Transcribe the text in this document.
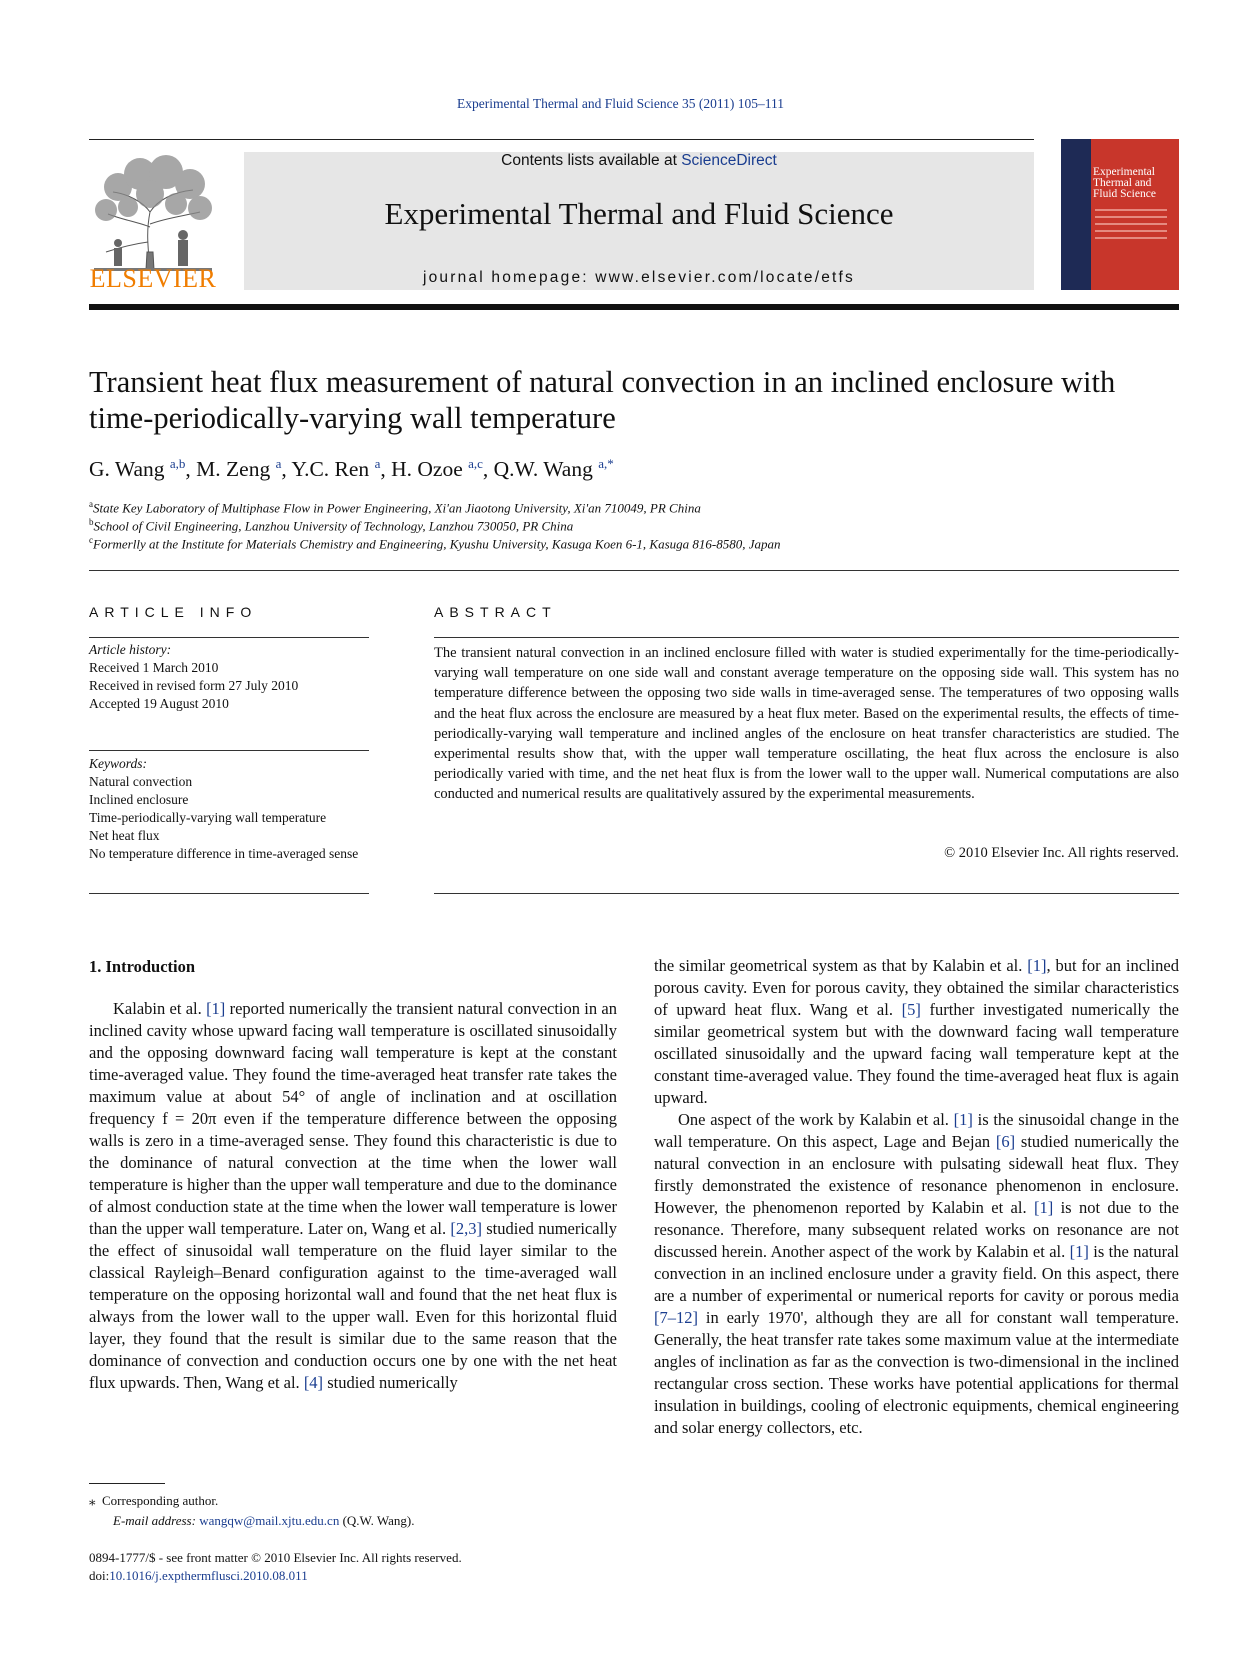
Experimental Thermal and Fluid Science 35 (2011) 105–111
ELSEVIER
Contents lists available at ScienceDirect
Experimental Thermal and Fluid Science
journal homepage: www.elsevier.com/locate/etfs
Experimental Thermal and Fluid Science
Transient heat flux measurement of natural convection in an inclined enclosure with time-periodically-varying wall temperature
G. Wang $^{a,b}$, M. Zeng $^a$, Y.C. Ren $^a$, H. Ozoe $^{a,c}$, Q.W. Wang $^{a,*}$
$^a$State Key Laboratory of Multiphase Flow in Power Engineering, Xi'an Jiaotong University, Xi'an 710049, PR China
$^b$School of Civil Engineering, Lanzhou University of Technology, Lanzhou 730050, PR China
$^c$Formerlly at the Institute for Materials Chemistry and Engineering, Kyushu University, Kasuga Koen 6-1, Kasuga 816-8580, Japan
ARTICLE INFO
Article history:
Received 1 March 2010
Received in revised form 27 July 2010
Accepted 19 August 2010
Keywords:
Natural convection
Inclined enclosure
Time-periodically-varying wall temperature
Net heat flux
No temperature difference in time-averaged sense
ABSTRACT
The transient natural convection in an inclined enclosure filled with water is studied experimentally for the time-periodically-varying wall temperature on one side wall and constant average temperature on the opposing side wall. This system has no temperature difference between the opposing two side walls in time-averaged sense. The temperatures of two opposing walls and the heat flux across the enclosure are measured by a heat flux meter. Based on the experimental results, the effects of time-periodically-varying wall temperature and inclined angles of the enclosure on heat transfer characteristics are studied. The experimental results show that, with the upper wall temperature oscillating, the heat flux across the enclosure is also periodically varied with time, and the net heat flux is from the lower wall to the upper wall. Numerical computations are also conducted and numerical results are qualitatively assured by the experimental measurements.
© 2010 Elsevier Inc. All rights reserved.
1. Introduction

Kalabin et al. [1] reported numerically the transient natural convection in an inclined cavity whose upward facing wall temperature is oscillated sinusoidally and the opposing downward facing wall temperature is kept at the constant time-averaged value. They found the time-averaged heat transfer rate takes the maximum value at about 54° of angle of inclination and at oscillation frequency f = 20π even if the temperature difference between the opposing walls is zero in a time-averaged sense. They found this characteristic is due to the dominance of natural convection at the time when the lower wall temperature is higher than the upper wall temperature and due to the dominance of almost conduction state at the time when the lower wall temperature is lower than the upper wall temperature. Later on, Wang et al. [2,3] studied numerically the effect of sinusoidal wall temperature on the fluid layer similar to the classical Rayleigh–Benard configuration against to the time-averaged wall temperature on the opposing horizontal wall and found that the net heat flux is always from the lower wall to the upper wall. Even for this horizontal fluid layer, they found that the result is similar due to the same reason that the dominance of convection and conduction occurs one by one with the net heat flux upwards. Then, Wang et al. [4] studied numerically

the similar geometrical system as that by Kalabin et al. [1], but for an inclined porous cavity. Even for porous cavity, they obtained the similar characteristics of upward heat flux. Wang et al. [5] further investigated numerically the similar geometrical system but with the downward facing wall temperature oscillated sinusoidally and the upward facing wall temperature kept at the constant time-averaged value. They found the time-averaged heat flux is again upward.

One aspect of the work by Kalabin et al. [1] is the sinusoidal change in the wall temperature. On this aspect, Lage and Bejan [6] studied numerically the natural convection in an enclosure with pulsating sidewall heat flux. They firstly demonstrated the existence of resonance phenomenon in enclosure. However, the phenomenon reported by Kalabin et al. [1] is not due to the resonance. Therefore, many subsequent related works on resonance are not discussed herein. Another aspect of the work by Kalabin et al. [1] is the natural convection in an inclined enclosure under a gravity field. On this aspect, there are a number of experimental or numerical reports for cavity or porous media [7–12] in early 1970', although they are all for constant wall temperature. Generally, the heat transfer rate takes some maximum value at the intermediate angles of inclination as far as the convection is two-dimensional in the inclined rectangular cross section. These works have potential applications for thermal insulation in buildings, cooling of electronic equipments, chemical engineering and solar energy collectors, etc.

⁎ Corresponding author.
E-mail address: wangqw@mail.xjtu.edu.cn (Q.W. Wang).
0894-1777/$ - see front matter © 2010 Elsevier Inc. All rights reserved.
doi:10.1016/j.expthermflusci.2010.08.011
